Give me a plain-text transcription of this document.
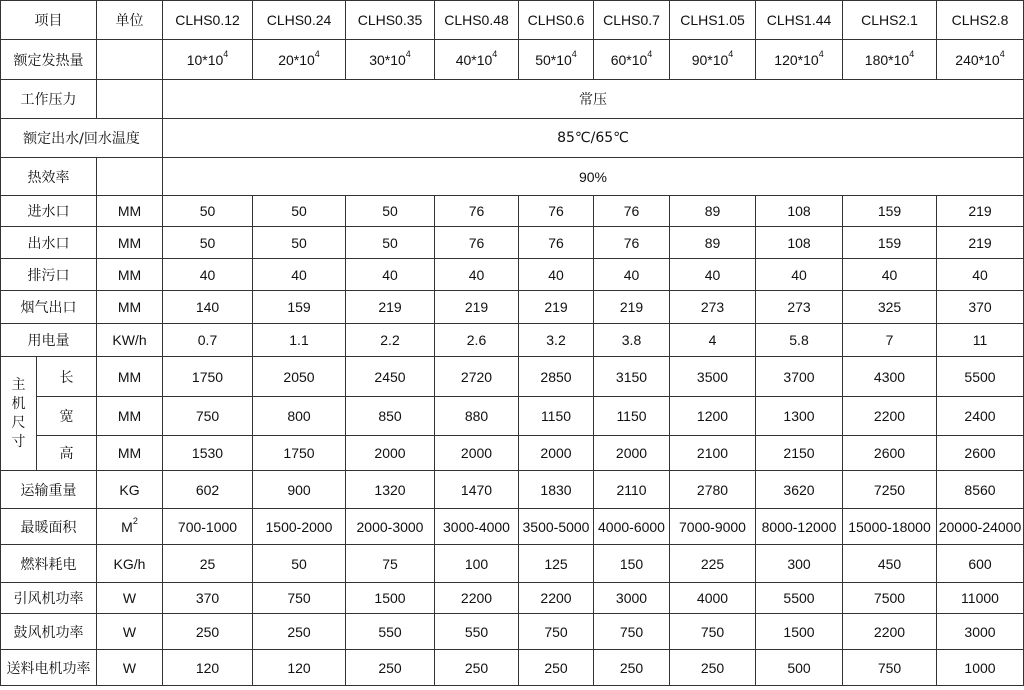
项目		单位	CLHS0.12	CLHS0.24	CLHS0.35	CLHS0.48	CLHS0.6	CLHS0.7	CLHS1.05	CLHS1.44	CLHS2.1	CLHS2.8
额定发热量			$10*10^4$	$20*10^4$	$30*10^4$	$40*10^4$	$50*10^4$	$60*10^4$	$90*10^4$	$120*10^4$	$180*10^4$	$240*10^4$
工作压力			常压									
额定出水/回水温度			85℃/65℃									
热效率			90%									
进水口		MM	50	50	50	76	76	76	89	108	159	219
出水口		MM	50	50	50	76	76	76	89	108	159	219
排污口		MM	40	40	40	40	40	40	40	40	40	40
烟气出口		MM	140	159	219	219	219	219	273	273	325	370
用电量		KW/h	0.7	1.1	2.2	2.6	3.2	3.8	4	5.8	7	11
主
机
尺
寸	长	MM	1750	2050	2450	2720	2850	3150	3500	3700	4300	5500
	宽	MM	750	800	850	880	1150	1150	1200	1300	2200	2400
	高	MM	1530	1750	2000	2000	2000	2000	2100	2150	2600	2600
运输重量		KG	602	900	1320	1470	1830	2110	2780	3620	7250	8560
最暖面积		$M^2$	700-1000	1500-2000	2000-3000	3000-4000	3500-5000	4000-6000	7000-9000	8000-12000	15000-18000	20000-24000
燃料耗电		KG/h	25	50	75	100	125	150	225	300	450	600
引风机功率		W	370	750	1500	2200	2200	3000	4000	5500	7500	11000
鼓风机功率		W	250	250	550	550	750	750	750	1500	2200	3000
送料电机功率		W	120	120	250	250	250	250	250	500	750	1000
